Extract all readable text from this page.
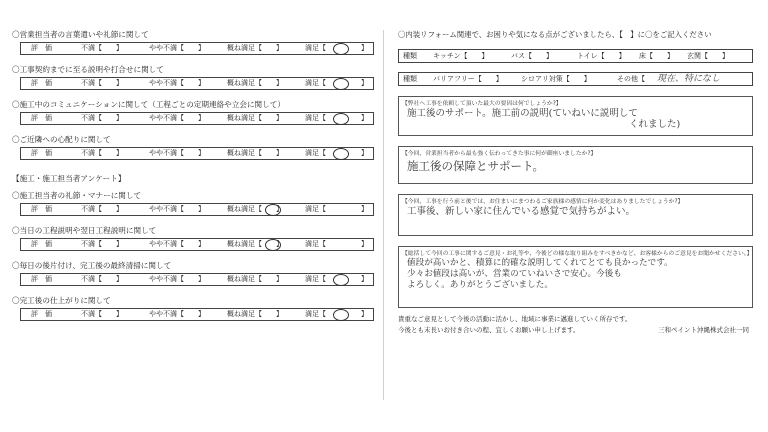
〇営業担当者の言葉遣いや礼節に関して
評　価	不満【　　】	やや不満【　　】	概ね満足【　　】	満足【	】
〇工事契約までに至る説明や打合せに関して
評　価	不満【　　】	やや不満【　　】	概ね満足【　　】	満足【	】
〇施工中のコミュニケーションに関して（工程ごとの定期連絡や立会に関して）
評　価	不満【　　】	やや不満【　　】	概ね満足【　　】	満足【	】
〇ご近隣への心配りに関して
評　価	不満【　　】	やや不満【　　】	概ね満足【　　】	満足【	】
【施工・施工担当者アンケート】
〇施工担当者の礼節・マナーに関して
評　価	不満【　　】	やや不満【　　】	概ね満足【　　】	満足【	】
〇当日の工程説明や翌日工程説明に関して
評　価	不満【　　】	やや不満【　　】	概ね満足【　　】	満足【	】
〇毎日の後片付け、完工後の最終清掃に関して
評　価	不満【　　】	やや不満【　　】	概ね満足【　　】	満足【	】
〇完工後の仕上がりに関して
評　価	不満【　　】	やや不満【　　】	概ね満足【　　】	満足【	】
〇内装リフォーム関連で、お困りや気になる点がございましたら、【　】に〇をご記入ください
種類 キッチン【　　】	バス【　　】	トイレ【　　】 床【　　】 玄関【　　】
種類 バリアフリー【　　】	シロアリ対策【　　】	その他【 現在、特になし
【弊社へ工事を依頼して頂いた最大の要因は何でしょうか?】
施工後のサポート。施工前の説明(ていねいに説明して
くれました)
【今回、営業担当者から最も強く伝わってきた事に何が御座いましたか?】
施工後の保障とサポート。
【今回、工事を行う前と後では、お住まいにまつわるご家族様の感情に何か変化はありましたでしょうか?】
工事後、新しい家に住んでいる感覚で気持ちがよい。
【総括して今回の工事に関するご意見・お礼等や、今後どの様な取り組みをすべきかなど、お客様からのご意見をお聞かせください。】
値段が高いかと、積算に的確な説明してくれてとても良かったです。
少々お値段は高いが、営業のていねいさで安心。今後も
よろしく。ありがとうございました。
貴重なご意見として今後の活動に活かし、地域に事業に邁進していく所存です。
今後とも末長いお付き合いの程、宜しくお願い申し上げます。	三和ペイント沖縄株式会社一同
